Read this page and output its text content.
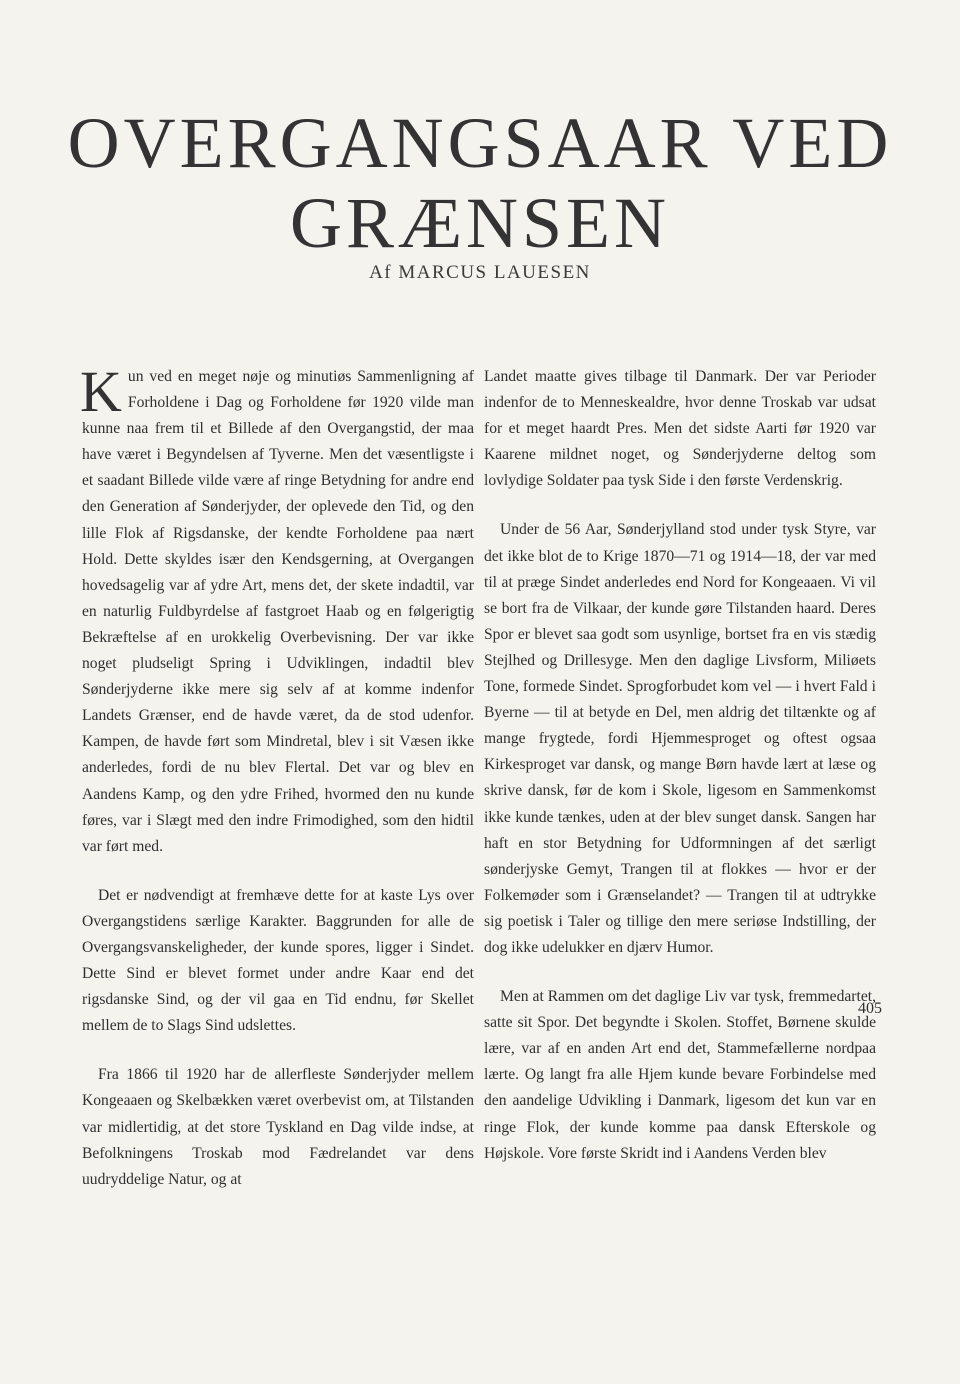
OVERGANGSAAR VED
GRÆNSEN
Af MARCUS LAUESEN

Kun ved en meget nøje og minutiøs Sammenligning af Forholdene i Dag og Forholdene før 1920 vilde man kunne naa frem til et Billede af den Overgangstid, der maa have været i Begyndelsen af Tyverne. Men det væsentligste i et saadant Billede vilde være af ringe Betydning for andre end den Generation af Sønderjyder, der oplevede den Tid, og den lille Flok af Rigsdanske, der kendte Forholdene paa nært Hold. Dette skyldes især den Kendsgerning, at Overgangen hovedsagelig var af ydre Art, mens det, der skete indadtil, var en naturlig Fuldbyrdelse af fastgroet Haab og en følgerigtig Bekræftelse af en urokkelig Overbevisning. Der var ikke noget pludseligt Spring i Udviklingen, indadtil blev Sønderjyderne ikke mere sig selv af at komme indenfor Landets Grænser, end de havde været, da de stod udenfor. Kampen, de havde ført som Mindretal, blev i sit Væsen ikke anderledes, fordi de nu blev Flertal. Det var og blev en Aandens Kamp, og den ydre Frihed, hvormed den nu kunde føres, var i Slægt med den indre Frimodighed, som den hidtil var ført med.

Det er nødvendigt at fremhæve dette for at kaste Lys over Overgangstidens særlige Karakter. Baggrunden for alle de Overgangsvanskeligheder, der kunde spores, ligger i Sindet. Dette Sind er blevet formet under andre Kaar end det rigsdanske Sind, og der vil gaa en Tid endnu, før Skellet mellem de to Slags Sind udslettes.

Fra 1866 til 1920 har de allerfleste Sønderjyder mellem Kongeaaen og Skelbækken været overbevist om, at Tilstanden var midlertidig, at det store Tyskland en Dag vilde indse, at Befolkningens Troskab mod Fædrelandet var dens uudryddelige Natur, og at

Landet maatte gives tilbage til Danmark. Der var Perioder indenfor de to Menneskealdre, hvor denne Troskab var udsat for et meget haardt Pres. Men det sidste Aarti før 1920 var Kaarene mildnet noget, og Sønderjyderne deltog som lovlydige Soldater paa tysk Side i den første Verdenskrig.

Under de 56 Aar, Sønderjylland stod under tysk Styre, var det ikke blot de to Krige 1870—71 og 1914—18, der var med til at præge Sindet anderledes end Nord for Kongeaaen. Vi vil se bort fra de Vilkaar, der kunde gøre Tilstanden haard. Deres Spor er blevet saa godt som usynlige, bortset fra en vis stædig Stejlhed og Drillesyge. Men den daglige Livsform, Miliøets Tone, formede Sindet. Sprogforbudet kom vel — i hvert Fald i Byerne — til at betyde en Del, men aldrig det tiltænkte og af mange frygtede, fordi Hjemmesproget og oftest ogsaa Kirkesproget var dansk, og mange Børn havde lært at læse og skrive dansk, før de kom i Skole, ligesom en Sammenkomst ikke kunde tænkes, uden at der blev sunget dansk. Sangen har haft en stor Betydning for Udformningen af det særligt sønderjyske Gemyt, Trangen til at flokkes — hvor er der Folkemøder som i Grænselandet? — Trangen til at udtrykke sig poetisk i Taler og tillige den mere seriøse Indstilling, der dog ikke udelukker en djærv Humor.

Men at Rammen om det daglige Liv var tysk, fremmedartet, satte sit Spor. Det begyndte i Skolen. Stoffet, Børnene skulde lære, var af en anden Art end det, Stammefællerne nordpaa lærte. Og langt fra alle Hjem kunde bevare Forbindelse med den aandelige Udvikling i Danmark, ligesom det kun var en ringe Flok, der kunde komme paa dansk Efterskole og Højskole. Vore første Skridt ind i Aandens Verden blev

405
